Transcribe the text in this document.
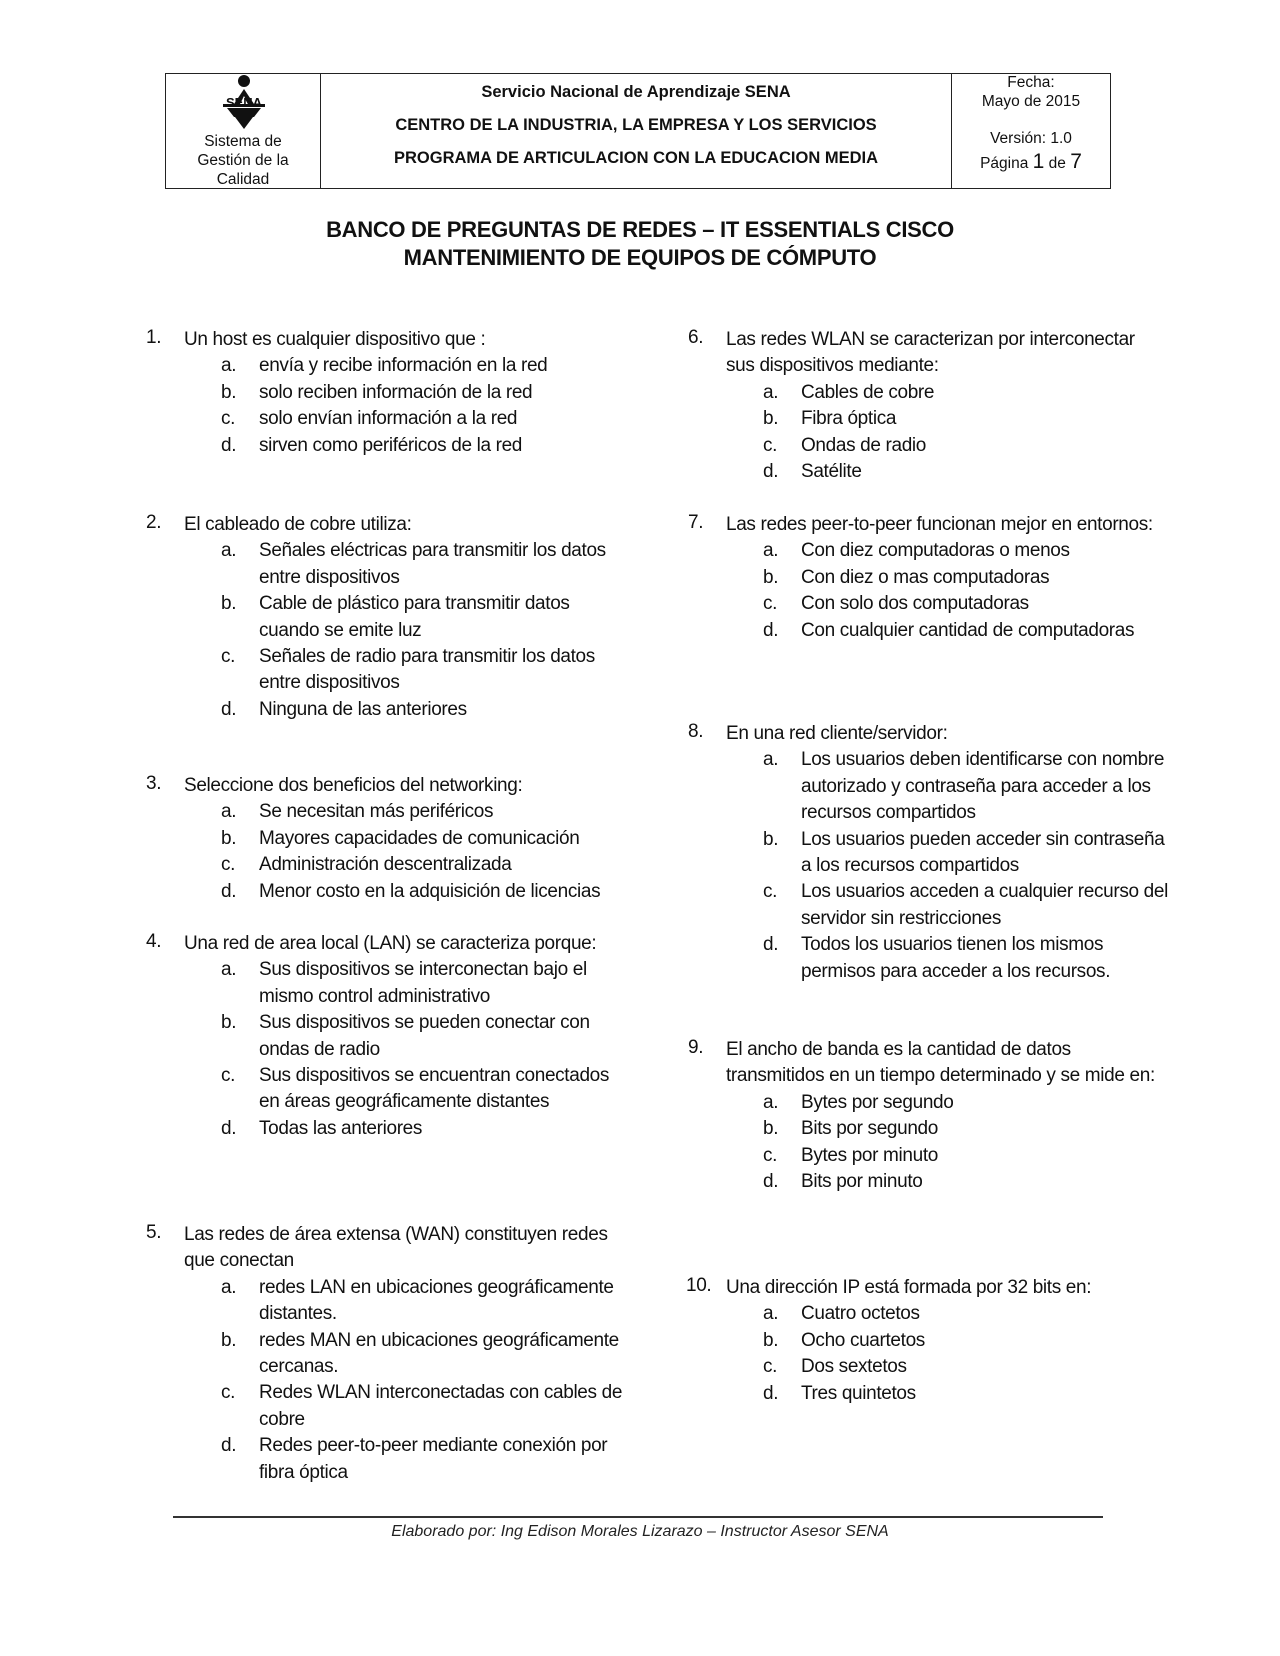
SENA
Sistema de
Gestión de la
Calidad
Servicio Nacional de Aprendizaje SENA
CENTRO DE LA INDUSTRIA, LA EMPRESA Y LOS SERVICIOS
PROGRAMA DE ARTICULACION CON LA EDUCACION MEDIA
Fecha:
Mayo de 2015
Versión: 1.0
Página 1 de 7
BANCO DE PREGUNTAS DE REDES – IT ESSENTIALS CISCO
MANTENIMIENTO DE EQUIPOS DE CÓMPUTO
1. Un host es cualquier dispositivo que :
a. envía y recibe información en la red
b. solo reciben información de la red
c. solo envían información a la red
d. sirven como periféricos de la red
2. El cableado de cobre utiliza:
a. Señales eléctricas para transmitir los datos entre dispositivos
b. Cable de plástico para transmitir datos cuando se emite luz
c. Señales de radio para transmitir los datos entre dispositivos
d. Ninguna de las anteriores
3. Seleccione dos beneficios del networking:
a. Se necesitan más periféricos
b. Mayores capacidades de comunicación
c. Administración descentralizada
d. Menor costo en la adquisición de licencias
4. Una red de area local (LAN) se caracteriza porque:
a. Sus dispositivos se interconectan bajo el mismo control administrativo
b. Sus dispositivos se pueden conectar con ondas de radio
c. Sus dispositivos se encuentran conectados en áreas geográficamente distantes
d. Todas las anteriores
5. Las redes de área extensa (WAN) constituyen redes que conectan
a. redes LAN en ubicaciones geográficamente distantes.
b. redes MAN en ubicaciones geográficamente cercanas.
c. Redes WLAN interconectadas con cables de cobre
d. Redes peer-to-peer mediante conexión por fibra óptica
6. Las redes WLAN se caracterizan por interconectar sus dispositivos mediante:
a. Cables de cobre
b. Fibra óptica
c. Ondas de radio
d. Satélite
7. Las redes peer-to-peer funcionan mejor en entornos:
a. Con diez computadoras o menos
b. Con diez o mas computadoras
c. Con solo dos computadoras
d. Con cualquier cantidad de computadoras
8. En una red cliente/servidor:
a. Los usuarios deben identificarse con nombre autorizado y contraseña para acceder a los recursos compartidos
b. Los usuarios pueden acceder sin contraseña a los recursos compartidos
c. Los usuarios acceden a cualquier recurso del servidor sin restricciones
d. Todos los usuarios tienen los mismos permisos para acceder a los recursos.
9. El ancho de banda es la cantidad de datos transmitidos en un tiempo determinado y se mide en:
a. Bytes por segundo
b. Bits por segundo
c. Bytes por minuto
d. Bits por minuto
10. Una dirección IP está formada por 32 bits en:
a. Cuatro octetos
b. Ocho cuartetos
c. Dos sextetos
d. Tres quintetos
Elaborado por: Ing Edison Morales Lizarazo – Instructor Asesor SENA
